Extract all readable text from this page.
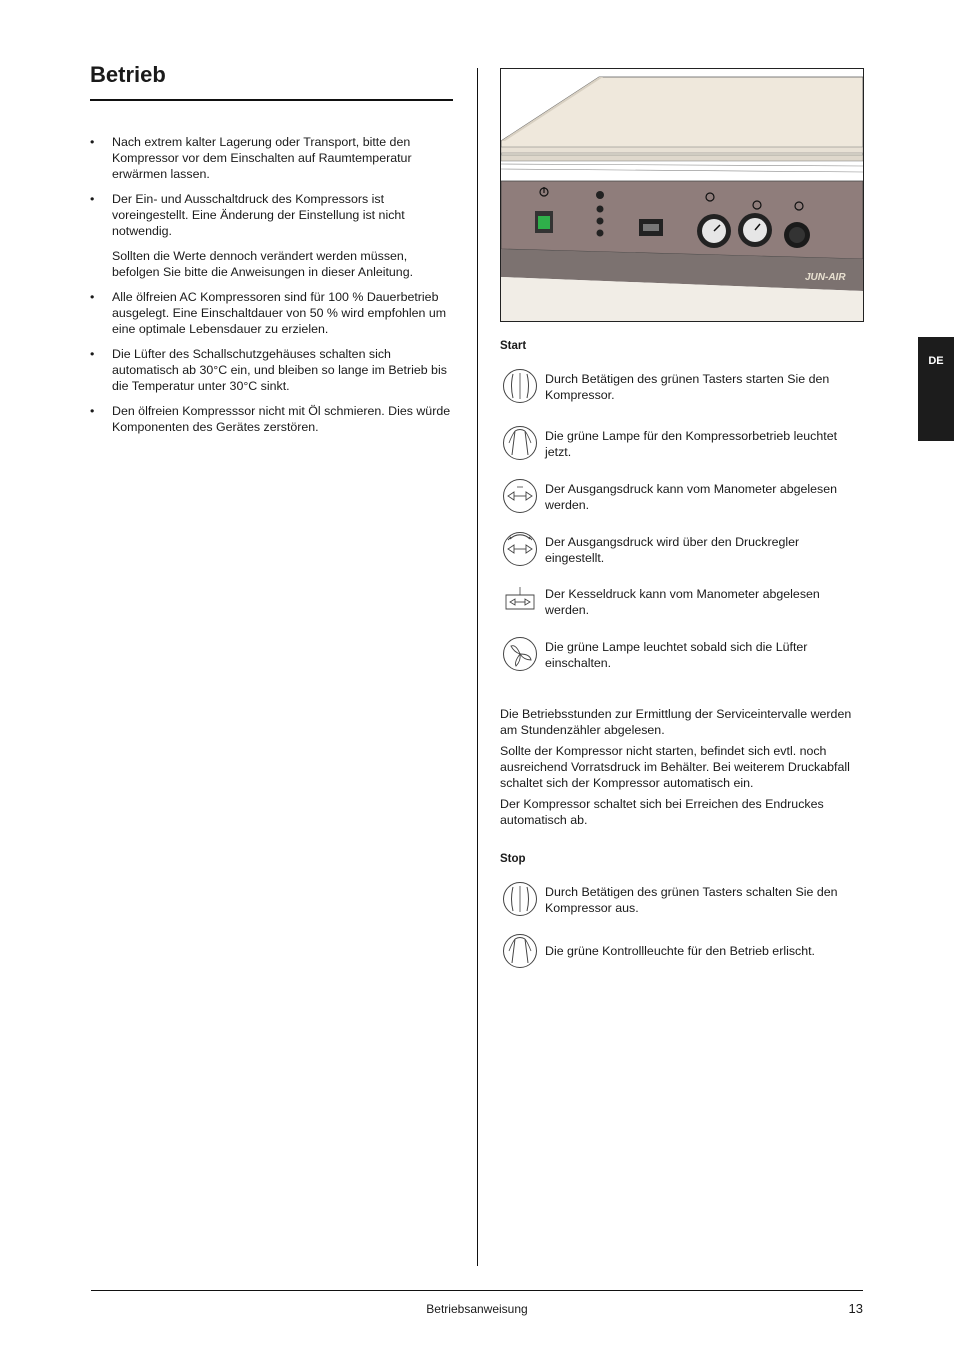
Betrieb
• Nach extrem kalter Lagerung oder Transport, bitte den Kompressor vor dem Einschalten auf Raumtemperatur erwärmen lassen.

• Der Ein- und Ausschaltdruck des Kompressors ist voreingestellt. Eine Änderung der Einstellung ist nicht notwendig.

Sollten die Werte dennoch verändert werden müssen, befolgen Sie bitte die Anweisungen in dieser Anleitung.

• Alle ölfreien AC Kompressoren sind für 100 % Dauerbetrieb ausgelegt. Eine Einschaltdauer von 50 % wird empfohlen um eine optimale Lebensdauer zu erzielen.

• Die Lüfter des Schallschutzgehäuses schalten sich automatisch ab 30°C ein, und bleiben so lange im Betrieb bis die Temperatur unter 30°C sinkt.

• Den ölfreien Kompresssor nicht mit Öl schmieren. Dies würde Komponenten des Gerätes zerstören.

JUN-AIR
DE
Start
Durch Betätigen des grünen Tasters starten Sie den Kompressor.
Die grüne Lampe für den Kompressorbetrieb leuchtet jetzt.
Der Ausgangsdruck kann vom Manometer abgelesen werden.
Der Ausgangsdruck wird über den Druckregler eingestellt.
Der Kesseldruck kann vom Manometer abgelesen werden.
Die grüne Lampe leuchtet sobald sich die Lüfter einschalten.

Die Betriebsstunden zur Ermittlung der Serviceintervalle werden am Stundenzähler abgelesen.

Sollte der Kompressor nicht starten, befindet sich evtl. noch ausreichend Vorratsdruck im Behälter. Bei weiterem Druckabfall schaltet sich der Kompressor automatisch ein.

Der Kompressor schaltet sich bei Erreichen des Endruckes automatisch ab.

Stop
Durch Betätigen des grünen Tasters schalten Sie den Kompressor aus.
Die grüne Kontrollleuchte für den Betrieb erlischt.
Betriebsanweisung	13
